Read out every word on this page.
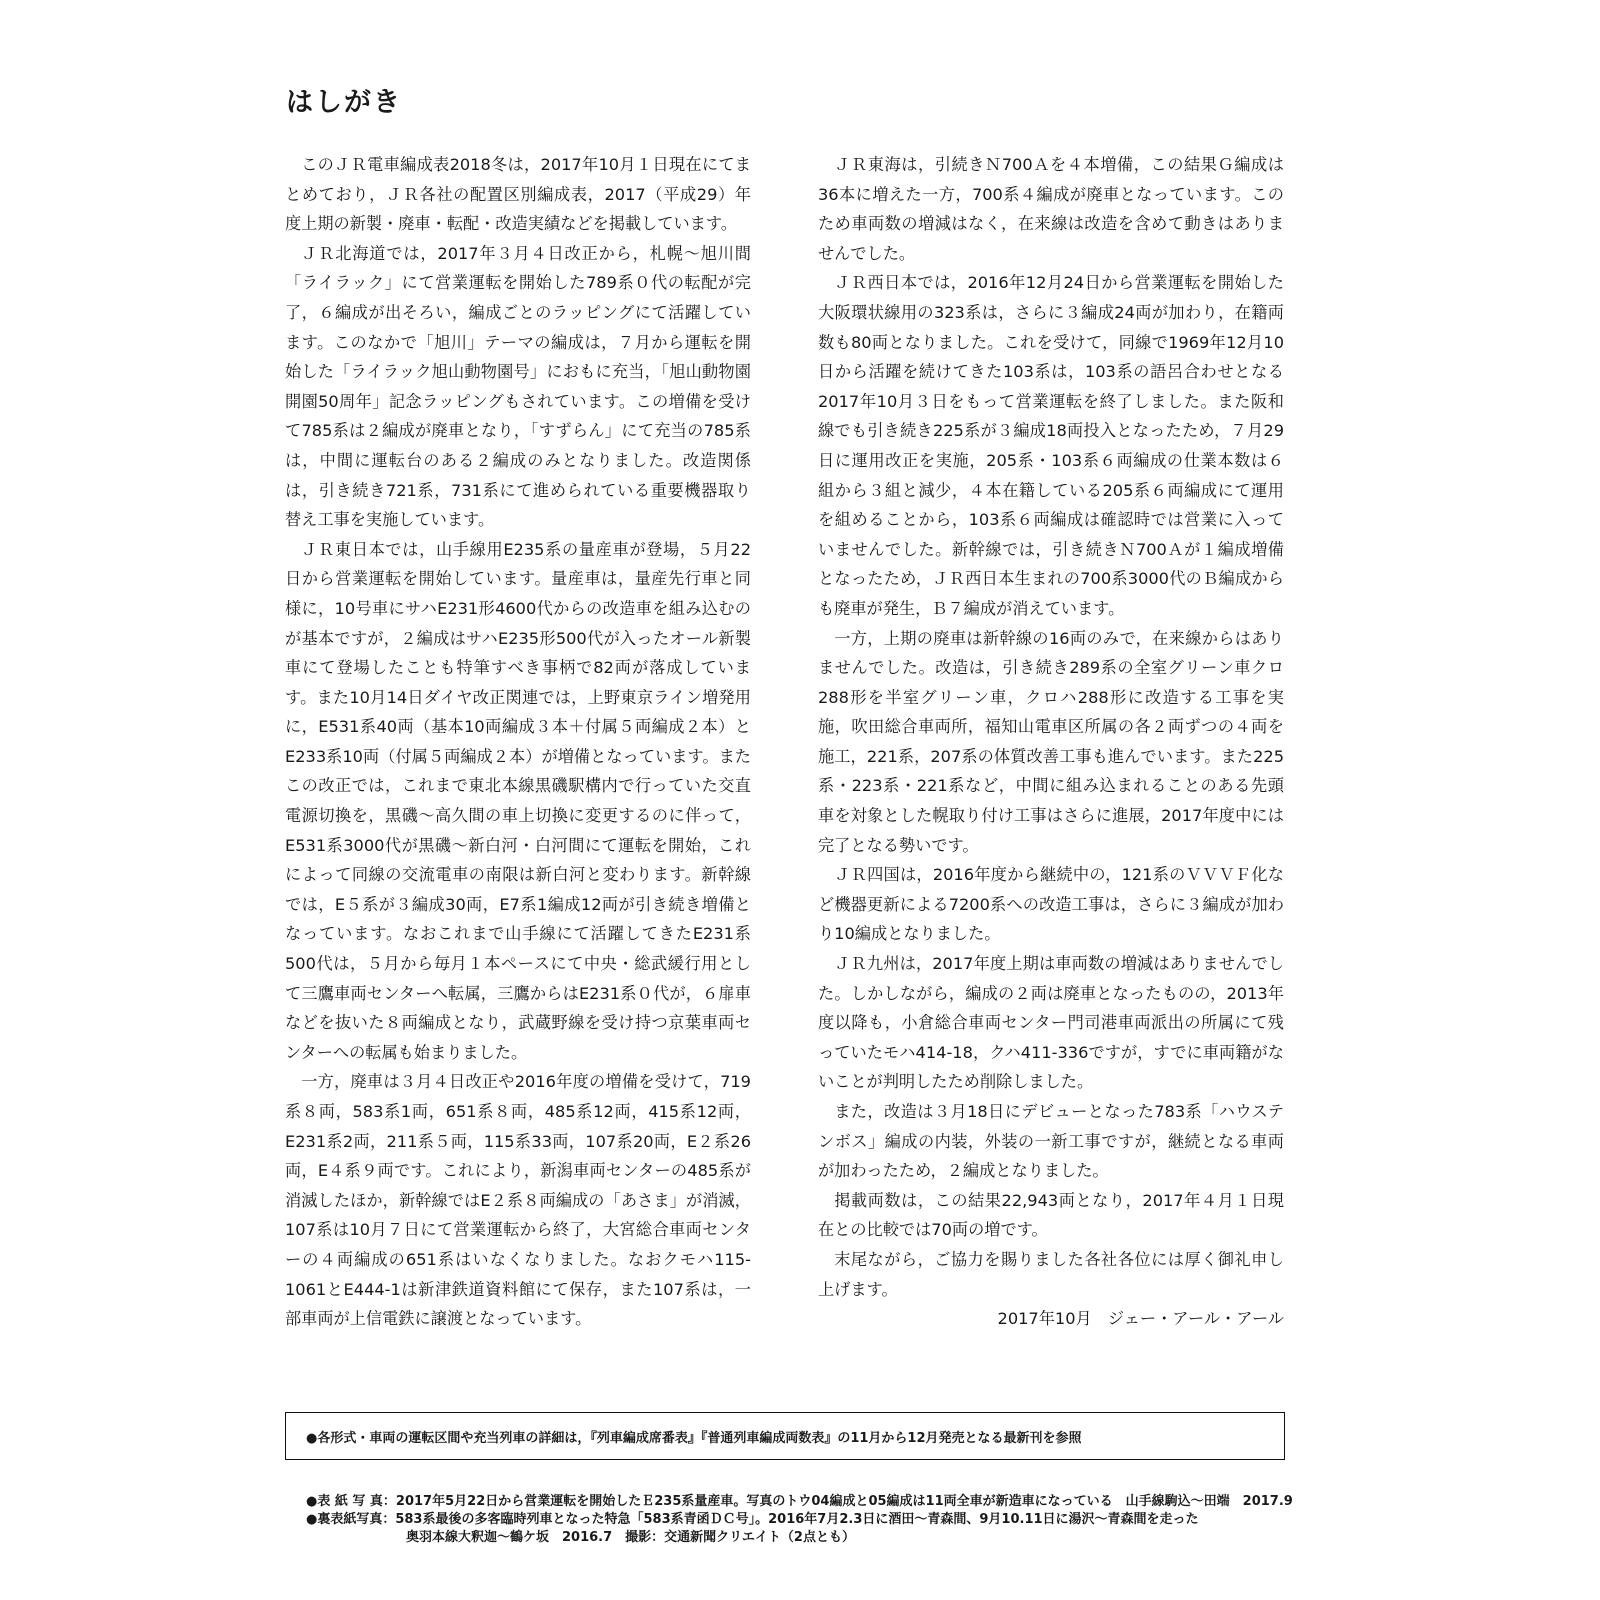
はしがき

このＪＲ電車編成表2018冬は，2017年10月１日現在にてまとめており，ＪＲ各社の配置区別編成表，2017（平成29）年度上期の新製・廃車・転配・改造実績などを掲載しています。

ＪＲ北海道では，2017年３月４日改正から，札幌～旭川間「ライラック」にて営業運転を開始した789系０代の転配が完了，６編成が出そろい，編成ごとのラッピングにて活躍しています。このなかで「旭川」テーマの編成は，７月から運転を開始した「ライラック旭山動物園号」におもに充当，「旭山動物園開園50周年」記念ラッピングもされています。この増備を受けて785系は２編成が廃車となり，「すずらん」にて充当の785系は，中間に運転台のある２編成のみとなりました。改造関係は，引き続き721系，731系にて進められている重要機器取り替え工事を実施しています。

ＪＲ東日本では，山手線用E235系の量産車が登場，５月22日から営業運転を開始しています。量産車は，量産先行車と同様に，10号車にサハE231形4600代からの改造車を組み込むのが基本ですが，２編成はサハE235形500代が入ったオール新製車にて登場したことも特筆すべき事柄で82両が落成しています。また10月14日ダイヤ改正関連では，上野東京ライン増発用に，E531系40両（基本10両編成３本＋付属５両編成２本）とE233系10両（付属５両編成２本）が増備となっています。またこの改正では，これまで東北本線黒磯駅構内で行っていた交直電源切換を，黒磯～高久間の車上切換に変更するのに伴って，E531系3000代が黒磯～新白河・白河間にて運転を開始，これによって同線の交流電車の南限は新白河と変わります。新幹線では，E５系が３編成30両，E7系1編成12両が引き続き増備となっています。なおこれまで山手線にて活躍してきたE231系500代は，５月から毎月１本ペースにて中央・総武緩行用として三鷹車両センターへ転属，三鷹からはE231系０代が，６扉車などを抜いた８両編成となり，武蔵野線を受け持つ京葉車両センターへの転属も始まりました。

一方，廃車は３月４日改正や2016年度の増備を受けて，719系８両，583系1両，651系８両，485系12両，415系12両，E231系2両，211系５両，115系33両，107系20両，E２系26両，E４系９両です。これにより，新潟車両センターの485系が消滅したほか，新幹線ではE２系８両編成の「あさま」が消滅，107系は10月７日にて営業運転から終了，大宮総合車両センターの４両編成の651系はいなくなりました。なおクモハ115-1061とE444-1は新津鉄道資料館にて保存，また107系は，一部車両が上信電鉄に譲渡となっています。

ＪＲ東海は，引続きＮ700Ａを４本増備，この結果Ｇ編成は36本に増えた一方，700系４編成が廃車となっています。このため車両数の増減はなく，在来線は改造を含めて動きはありませんでした。

ＪＲ西日本では，2016年12月24日から営業運転を開始した大阪環状線用の323系は，さらに３編成24両が加わり，在籍両数も80両となりました。これを受けて，同線で1969年12月10日から活躍を続けてきた103系は，103系の語呂合わせとなる2017年10月３日をもって営業運転を終了しました。また阪和線でも引き続き225系が３編成18両投入となったため，７月29日に運用改正を実施，205系・103系６両編成の仕業本数は６組から３組と減少，４本在籍している205系６両編成にて運用を組めることから，103系６両編成は確認時では営業に入っていませんでした。新幹線では，引き続きＮ700Ａが１編成増備となったため，ＪＲ西日本生まれの700系3000代のＢ編成からも廃車が発生，Ｂ７編成が消えています。

一方，上期の廃車は新幹線の16両のみで，在来線からはありませんでした。改造は，引き続き289系の全室グリーン車クロ288形を半室グリーン車，クロハ288形に改造する工事を実施，吹田総合車両所，福知山電車区所属の各２両ずつの４両を施工，221系，207系の体質改善工事も進んでいます。また225系・223系・221系など，中間に組み込まれることのある先頭車を対象とした幌取り付け工事はさらに進展，2017年度中には完了となる勢いです。

ＪＲ四国は，2016年度から継続中の，121系のＶＶＶＦ化など機器更新による7200系への改造工事は，さらに３編成が加わり10編成となりました。

ＪＲ九州は，2017年度上期は車両数の増減はありませんでした。しかしながら，編成の２両は廃車となったものの，2013年度以降も，小倉総合車両センター門司港車両派出の所属にて残っていたモハ414-18，クハ411-336ですが，すでに車両籍がないことが判明したため削除しました。

また，改造は３月18日にデビューとなった783系「ハウステンボス」編成の内装，外装の一新工事ですが，継続となる車両が加わったため，２編成となりました。

掲載両数は，この結果22,943両となり，2017年４月１日現在との比較では70両の増です。

末尾ながら，ご協力を賜りました各社各位には厚く御礼申し上げます。

2017年10月　ジェー・アール・アール

●各形式・車両の運転区間や充当列車の詳細は，『列車編成席番表』『普通列車編成両数表』の11月から12月発売となる最新刊を参照
●表 紙 写 真： 2017年5月22日から営業運転を開始したＥ235系量産車。写真のトウ04編成と05編成は11両全車が新造車になっている　山手線駒込～田端　2017.9
●裏表紙写真： 583系最後の多客臨時列車となった特急「583系青函ＤＣ号」。2016年7月2.3日に酒田～青森間、9月10.11日に湯沢～青森間を走った
奥羽本線大釈迦～鶴ケ坂　2016.7　撮影：交通新聞クリエイト（2点とも）
